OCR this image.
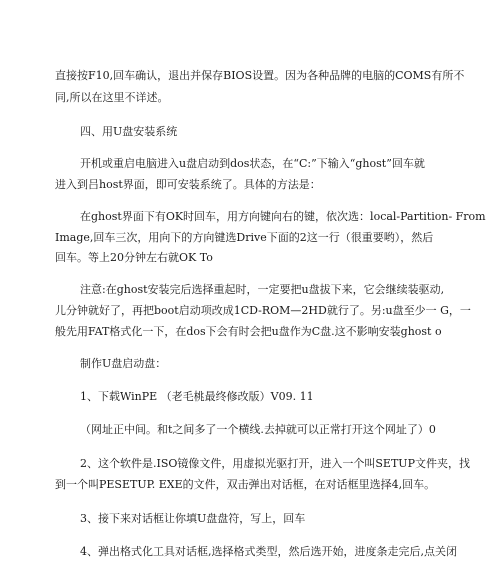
直接按F10,回车确认，退出并保存BIOS设置。因为各种品牌的电脑的COMS有所不
同,所以在这里不详述。
四、用U盘安装系统
开机或重启电脑进入u盘启动到dos状态，在“C:”下输入“ghost”回车就
进入到吕host界面，即可安装系统了。具体的方法是：
在ghost界面下有OK时回车，用方向键向右的键，依次选：local-Partition- From
Image,回车三次，用向下的方向键选Drive下面的2这一行（很重要哟），然后
回车。等上20分钟左右就OK To
注意:在ghost安装完后选择重起时，一定要把u盘拔下来，它会继续装驱动,
儿分钟就好了，再把boot启动项改成1CD-ROM—2HD就行了。另:u盘至少一 G，一
般先用FAT格式化一下，在dos下会有时会把u盘作为C盘.这不影响安装ghost o
制作U盘启动盘：
1、下载WinPE （老毛桃最终修改版）V09. 11
（网址正中间。和t之间多了一个横线.去掉就可以正常打开这个网址了）0
2、这个软件是.ISO镜像文件，用虚拟光驱打开，进入一个叫SETUP文件夹，找
到一个叫PESETUP. EXE的文件，双击弹出对话框，在对话框里选择4,回车。
3、接下来对话框让你填U盘盘符，写上，回车
4、弹出格式化工具对话框,选择格式类型，然后选开始，进度条走完后,点关闭
